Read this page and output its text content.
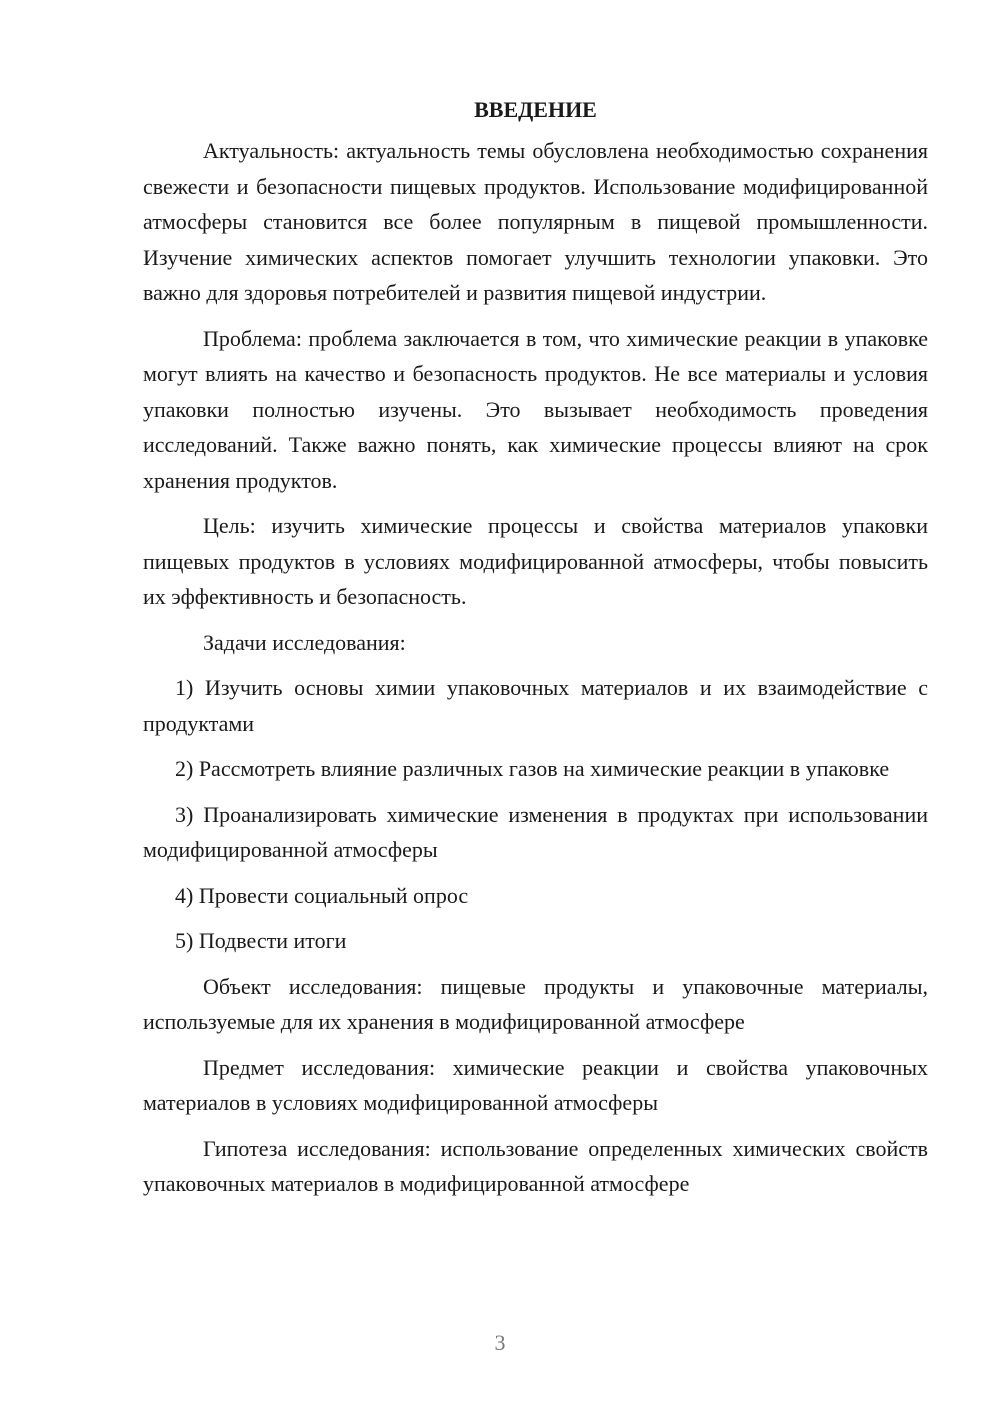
ВВЕДЕНИЕ

Актуальность: актуальность темы обусловлена необходимостью сохранения свежести и безопасности пищевых продуктов. Использование модифицированной атмосферы становится все более популярным в пищевой промышленности. Изучение химических аспектов помогает улучшить технологии упаковки. Это важно для здоровья потребителей и развития пищевой индустрии.

Проблема: проблема заключается в том, что химические реакции в упаковке могут влиять на качество и безопасность продуктов. Не все материалы и условия упаковки полностью изучены. Это вызывает необходимость проведения исследований. Также важно понять, как химические процессы влияют на срок хранения продуктов.

Цель: изучить химические процессы и свойства материалов упаковки пищевых продуктов в условиях модифицированной атмосферы, чтобы повысить их эффективность и безопасность.

Задачи исследования:

1) Изучить основы химии упаковочных материалов и их взаимодействие с продуктами

2) Рассмотреть влияние различных газов на химические реакции в упаковке

3) Проанализировать химические изменения в продуктах при использовании модифицированной атмосферы

4) Провести социальный опрос

5) Подвести итоги

Объект исследования: пищевые продукты и упаковочные материалы, используемые для их хранения в модифицированной атмосфере

Предмет исследования: химические реакции и свойства упаковочных материалов в условиях модифицированной атмосферы

Гипотеза исследования: использование определенных химических свойств упаковочных материалов в модифицированной атмосфере

3
